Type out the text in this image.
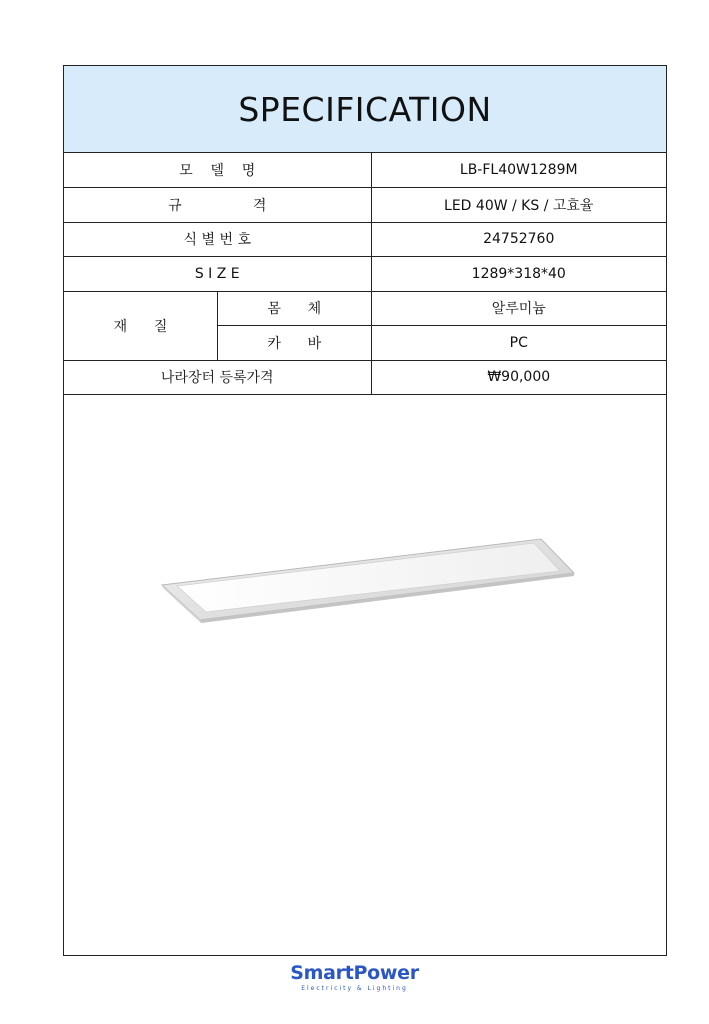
SPECIFICATION
모    델    명		LB-FL40W1289M
규                격		LED 40W / KS / 고효율
식 별 번 호		24752760
S I Z E		1289*318*40
재      질	몸      체	알루미늄
	카      바	PC
나라장터 등록가격		₩90,000
SmartPower
Electricity & Lighting
